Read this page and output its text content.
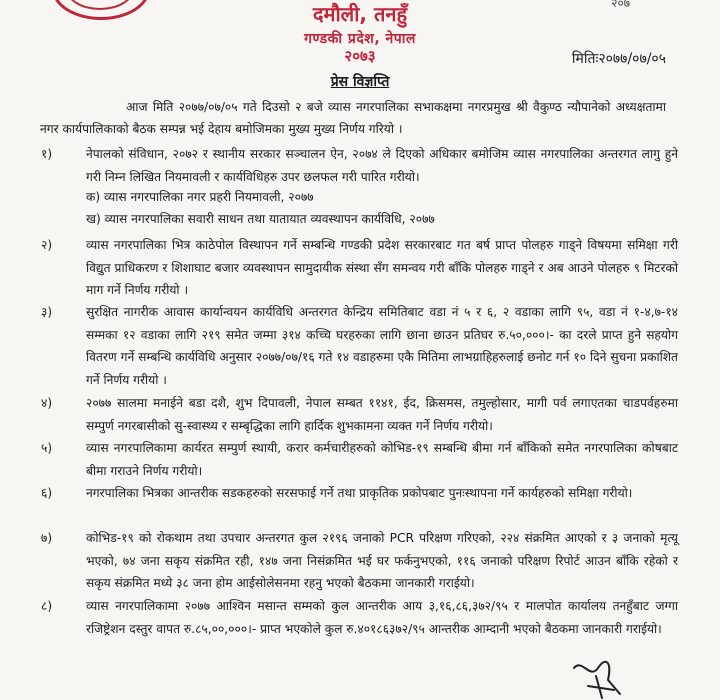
२०७
दमौली, तनहुँ
गण्डकी प्रदेश, नेपाल
२०७३	मितिः२०७७/०७/०५
प्रेस विज्ञप्ति
आज मिति २०७७/०७/०५ गते दिउसो २ बजे व्यास नगरपालिका सभाकक्षमा नगरप्रमुख श्री वैकुण्ठ न्यौपानेको अध्यक्षतामा नगर कार्यपालिकाको बैठक सम्पन्न भई देहाय बमोजिमका मुख्य मुख्य निर्णय गरियो ।
१)	नेपालको संविधान, २०७२ र स्थानीय सरकार सञ्चालन ऐन, २०७४ ले दिएको अधिकार बमोजिम व्यास नगरपालिका अन्तरगत लागु हुने गरी निम्न लिखित नियमावली र कार्यविधिहरु उपर छलफल गरी पारित गरीयो।
क) व्यास नगरपालिका नगर प्रहरी नियमावली, २०७७
ख) व्यास नगरपालिका सवारी साधन तथा यातायात व्यवस्थापन कार्यविधि, २०७७
२)	व्यास नगरपालिका भित्र काठेपोल विस्थापन गर्ने सम्बन्धि गण्डकी प्रदेश सरकारबाट गत बर्ष प्राप्त पोलहरु गाड्ने विषयमा समिक्षा गरी विद्युत प्राधिकरण र शिशाघाट बजार व्यवस्थापन सामुदायीक संस्था सँग समन्वय गरी बाँकि पोलहरु गाड्ने र अब आउने पोलहरु ९ मिटरको माग गर्ने निर्णय गरीयो ।
३)	सुरक्षित नागरीक आवास कार्यान्वयन कार्यविधि अन्तरगत केन्द्रिय समितिबाट वडा नं ५ र ६, २ वडाका लागि ९५, वडा नं १-४,७-१४ सम्मका १२ वडाका लागि २१९ समेत जम्मा ३१४ कच्चि घरहरुका लागि छाना छाउन प्रतिघर रु.५०,०००।- का दरले प्राप्त हुने सहयोग वितरण गर्ने सम्बन्धि कार्यविधि अनुसार २०७७/०७/१६ गते १४ वडाहरुमा एकै मितिमा लाभग्राहिहरुलाई छनोट गर्न १० दिने सुचना प्रकाशित गर्ने निर्णय गरीयो ।
४)	२०७७ सालमा मनाईने बडा दशै, शुभ दिपावली, नेपाल सम्बत ११४१, ईद, क्रिसमस, तमुल्होसार, मागी पर्व लगाएतका चाडपर्वहरुमा सम्पुर्ण नगरबासीको सु-स्वास्थ्य र सम्बृद्धिका लागि हार्दिक शुभकामना व्यक्त गर्ने निर्णय गरीयो।
५)	व्यास नगरपालिकामा कार्यरत सम्पुर्ण स्थायी, करार कर्मचारीहरुको कोभिड-१९ सम्बन्धि बीमा गर्न बाँकिको समेत नगरपालिका कोषबाट बीमा गराउने निर्णय गरीयो।
६)	नगरपालिका भित्रका आन्तरीक सडकहरुको सरसफाई गर्ने तथा प्राकृतिक प्रकोपबाट पुनःस्थापना गर्ने कार्यहरुको समिक्षा गरीयो।
७)	कोभिड-१९ को रोकथाम तथा उपचार अन्तरगत कुल २१९६ जनाको PCR परिक्षण गरिएको, २२४ संक्रमित आएको र ३ जनाको मृत्यू भएको, ७४ जना सकृय संक्रमित रही, १४७ जना निसंक्रमित भई घर फर्कनुभएको, ११६ जनाको परिक्षण रिपोर्ट आउन बाँकि रहेको र सकृय संक्रमित मध्ये ३८ जना होम आईसोलेसनमा रहनु भएको बैठकमा जानकारी गराईयो।
८)	व्यास नगरपालिकामा २०७७ आश्विन मसान्त सम्मको कुल आन्तरीक आय ३,१६,८६,३७२/९५ र मालपोत कार्यालय तनहुँबाट जग्गा रजिष्ट्रेशन दस्तुर वापत रु.८५,००,०००।- प्राप्त भएकोले कुल रु.४०१८६३७२/९५ आन्तरीक आम्दानी भएको बैठकमा जानकारी गराईयो।
